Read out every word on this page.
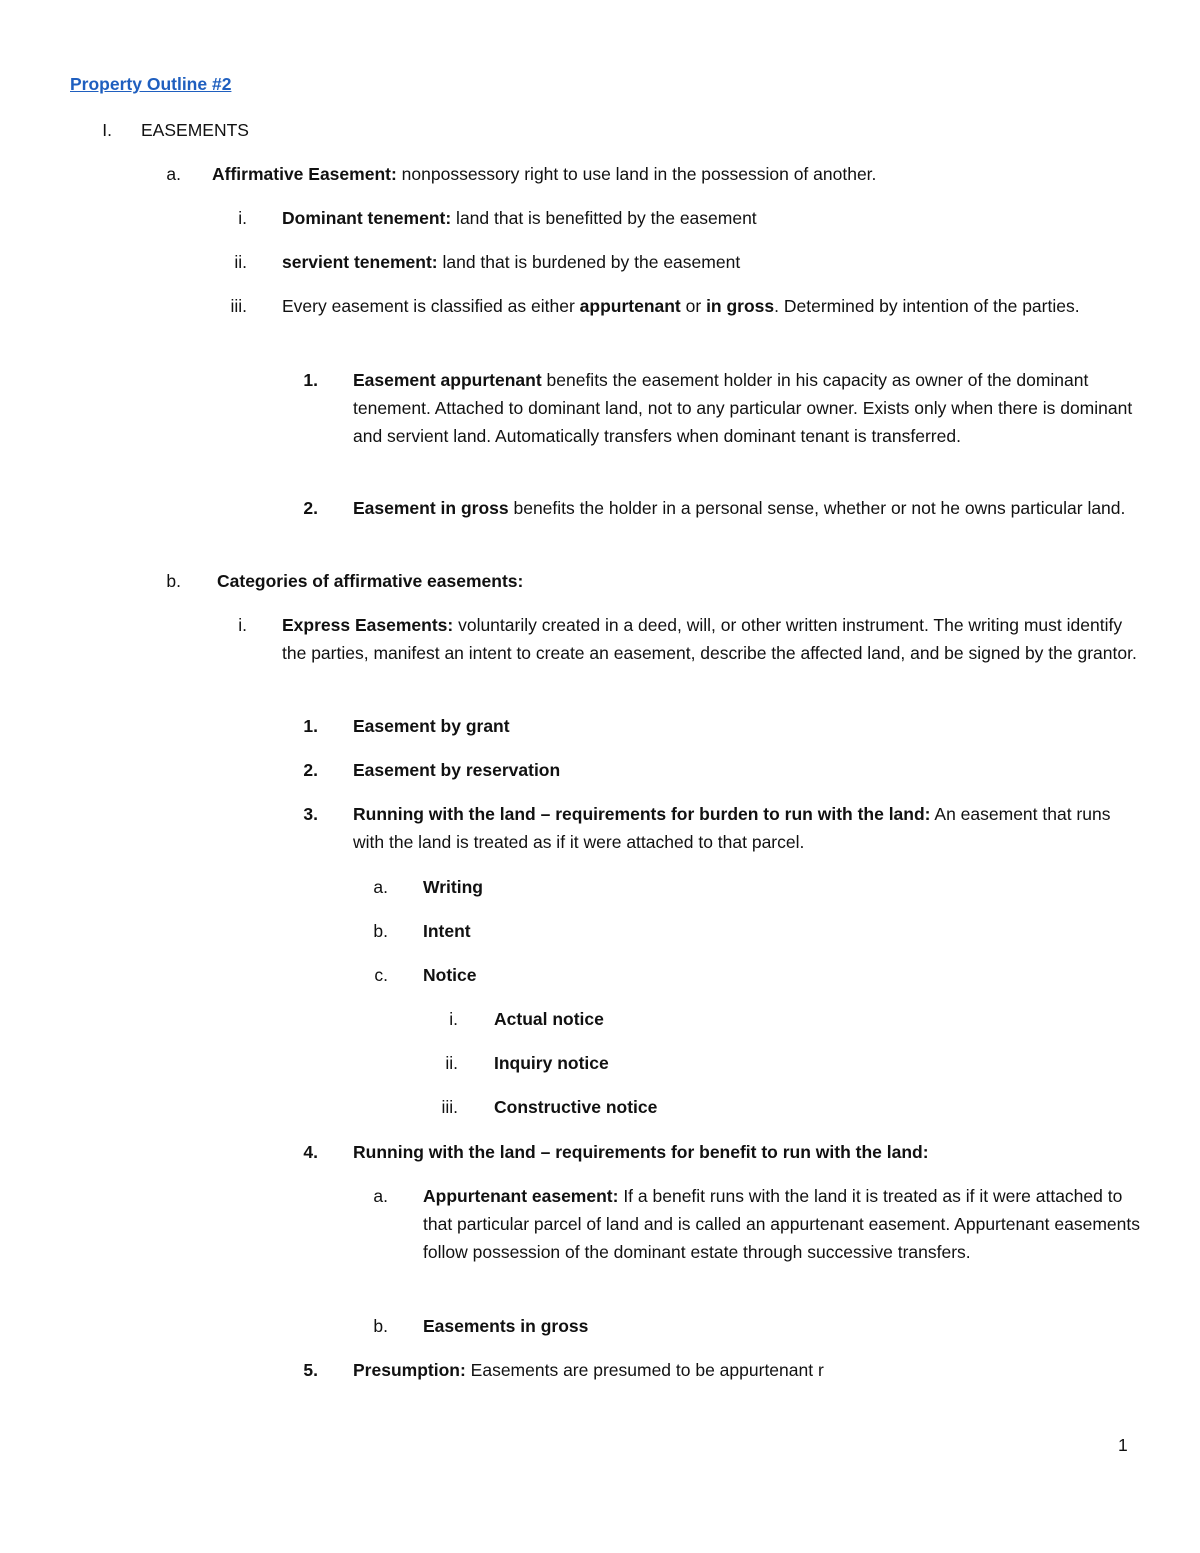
Property Outline #2
I. EASEMENTS
a. Affirmative Easement: nonpossessory right to use land in the possession of another.
i. Dominant tenement: land that is benefitted by the easement
ii. servient tenement: land that is burdened by the easement
iii. Every easement is classified as either appurtenant or in gross. Determined by intention of the parties.
1. Easement appurtenant benefits the easement holder in his capacity as owner of the dominant tenement. Attached to dominant land, not to any particular owner. Exists only when there is dominant and servient land. Automatically transfers when dominant tenant is transferred.
2. Easement in gross benefits the holder in a personal sense, whether or not he owns particular land.
b. Categories of affirmative easements:
i. Express Easements: voluntarily created in a deed, will, or other written instrument. The writing must identify the parties, manifest an intent to create an easement, describe the affected land, and be signed by the grantor.
1. Easement by grant
2. Easement by reservation
3. Running with the land – requirements for burden to run with the land: An easement that runs with the land is treated as if it were attached to that parcel.
a. Writing
b. Intent
c. Notice
i. Actual notice
ii. Inquiry notice
iii. Constructive notice
4. Running with the land – requirements for benefit to run with the land:
a. Appurtenant easement: If a benefit runs with the land it is treated as if it were attached to that particular parcel of land and is called an appurtenant easement. Appurtenant easements follow possession of the dominant estate through successive transfers.
b. Easements in gross
5. Presumption: Easements are presumed to be appurtenant r
1
